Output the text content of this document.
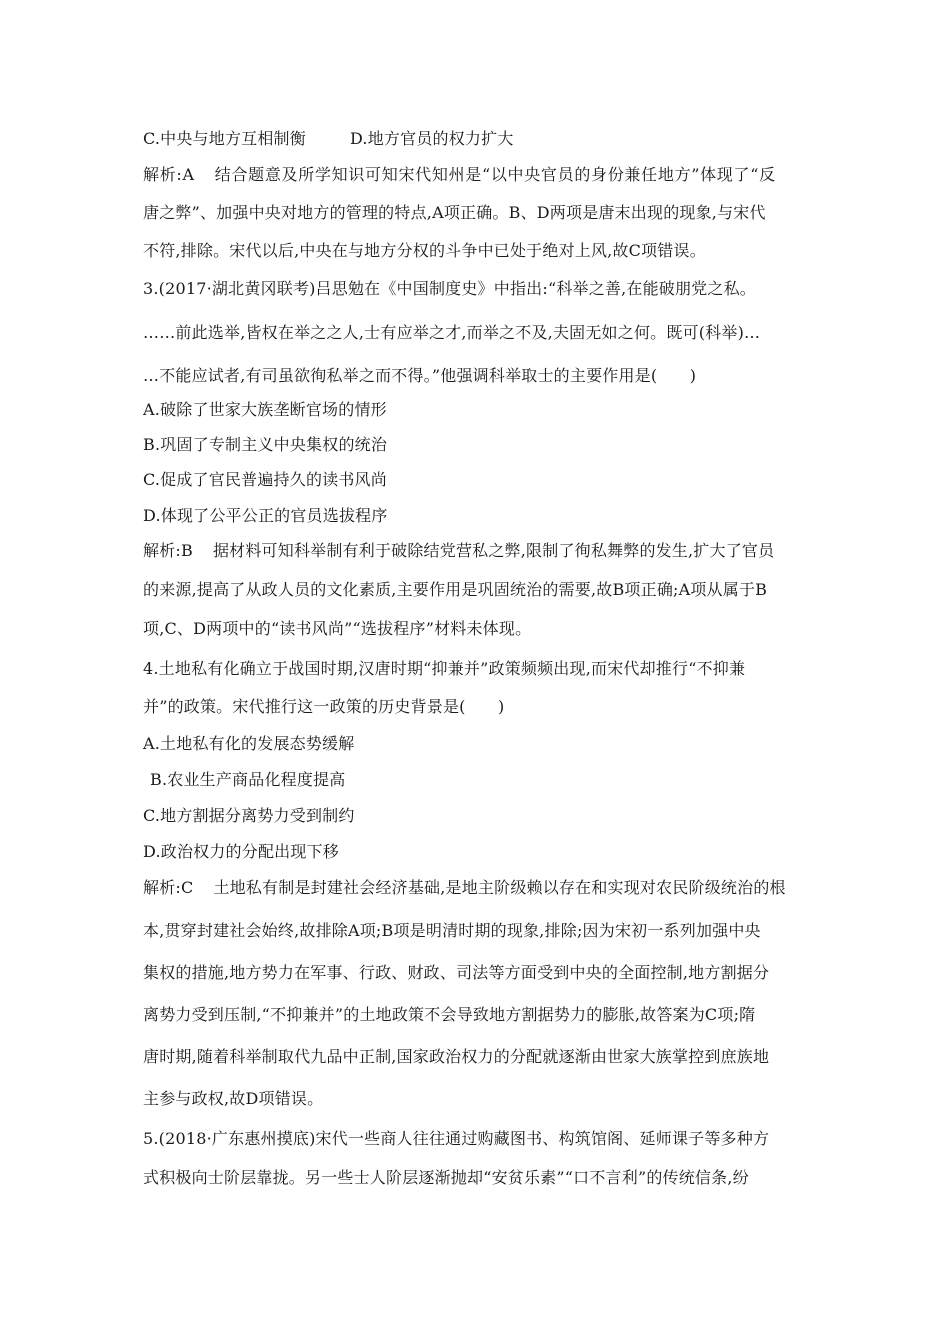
C.中央与地方互相制衡	D.地方官员的权力扩大
解析:A 结合题意及所学知识可知宋代知州是“以中央官员的身份兼任地方”体现了“反
唐之弊”、加强中央对地方的管理的特点,A项正确。B、D两项是唐末出现的现象,与宋代
不符,排除。宋代以后,中央在与地方分权的斗争中已处于绝对上风,故C项错误。
3.(2017·湖北黄冈联考)吕思勉在《中国制度史》中指出:“科举之善,在能破朋党之私。
……前此选举,皆权在举之之人,士有应举之才,而举之不及,夫固无如之何。既可(科举)…
…不能应试者,有司虽欲徇私举之而不得。”他强调科举取士的主要作用是(　　)
A.破除了世家大族垄断官场的情形
B.巩固了专制主义中央集权的统治
C.促成了官民普遍持久的读书风尚
D.体现了公平公正的官员选拔程序
解析:B 据材料可知科举制有利于破除结党营私之弊,限制了徇私舞弊的发生,扩大了官员
的来源,提高了从政人员的文化素质,主要作用是巩固统治的需要,故B项正确;A项从属于B
项,C、D两项中的“读书风尚”“选拔程序”材料未体现。
4.土地私有化确立于战国时期,汉唐时期“抑兼并”政策频频出现,而宋代却推行“不抑兼
并”的政策。宋代推行这一政策的历史背景是(　　)
A.土地私有化的发展态势缓解
B.农业生产商品化程度提高
C.地方割据分离势力受到制约
D.政治权力的分配出现下移
解析:C 土地私有制是封建社会经济基础,是地主阶级赖以存在和实现对农民阶级统治的根
本,贯穿封建社会始终,故排除A项;B项是明清时期的现象,排除;因为宋初一系列加强中央
集权的措施,地方势力在军事、行政、财政、司法等方面受到中央的全面控制,地方割据分
离势力受到压制,“不抑兼并”的土地政策不会导致地方割据势力的膨胀,故答案为C项;隋
唐时期,随着科举制取代九品中正制,国家政治权力的分配就逐渐由世家大族掌控到庶族地
主参与政权,故D项错误。
5.(2018·广东惠州摸底)宋代一些商人往往通过购藏图书、构筑馆阁、延师课子等多种方
式积极向士阶层靠拢。另一些士人阶层逐渐抛却“安贫乐素”“口不言利”的传统信条,纷
